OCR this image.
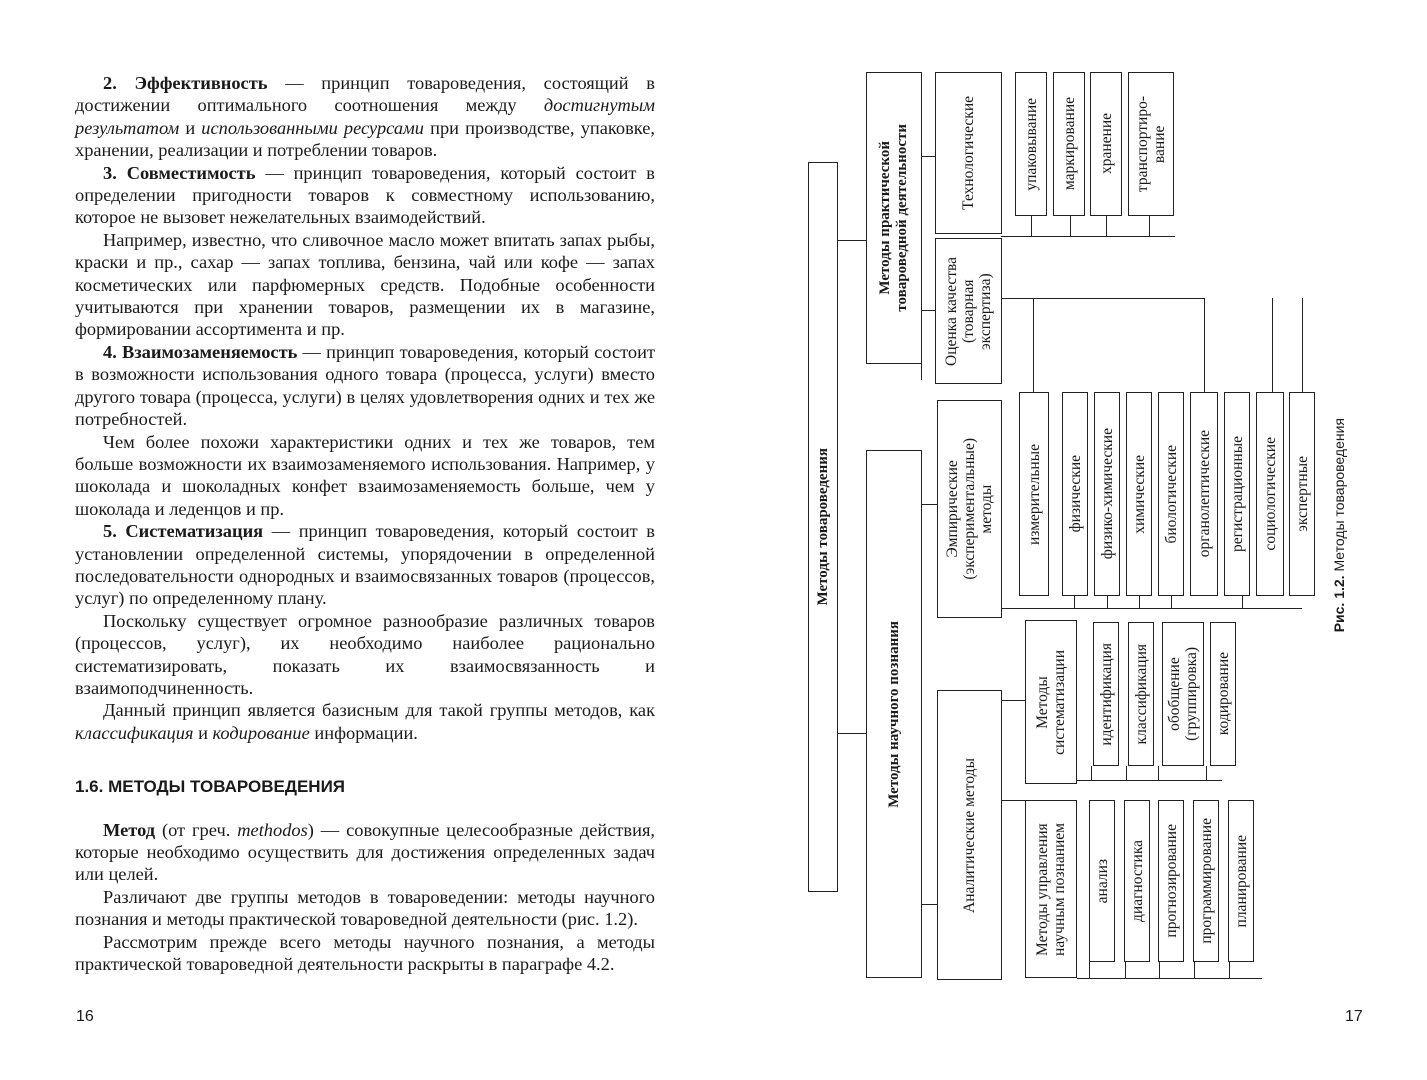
2. Эффективность — принцип товароведения, состоящий в достижении оптимального соотношения между достигнутым результатом и использованными ресурсами при производстве, упаковке, хранении, реализации и потреблении товаров.

3. Совместимость — принцип товароведения, который состоит в определении пригодности товаров к совместному использованию, которое не вызовет нежелательных взаимодействий.

Например, известно, что сливочное масло может впитать запах рыбы, краски и пр., сахар — запах топлива, бензина, чай или кофе — запах косметических или парфюмерных средств. Подобные особенности учитываются при хранении товаров, размещении их в магазине, формировании ассортимента и пр.

4. Взаимозаменяемость — принцип товароведения, который состоит в возможности использования одного товара (процесса, услуги) вместо другого товара (процесса, услуги) в целях удовлетворения одних и тех же потребностей.

Чем более похожи характеристики одних и тех же товаров, тем больше возможности их взаимозаменяемого использования. Например, у шоколада и шоколадных конфет взаимозаменяемость больше, чем у шоколада и леденцов и пр.

5. Систематизация — принцип товароведения, который состоит в установлении определенной системы, упорядочении в определенной последовательности однородных и взаимосвязанных товаров (процессов, услуг) по определенному плану.

Поскольку существует огромное разнообразие различных товаров (процессов, услуг), их необходимо наиболее рационально систематизировать, показать их взаимосвязанность и взаимоподчиненность.

Данный принцип является базисным для такой группы методов, как классификация и кодирование информации.

1.6. МЕТОДЫ ТОВАРОВЕДЕНИЯ

Метод (от греч. methodos) — совокупные целесообразные действия, которые необходимо осуществить для достижения определенных задач или целей.

Различают две группы методов в товароведении: методы научного познания и методы практической товароведной деятельности (рис. 1.2).

Рассмотрим прежде всего методы научного познания, а методы практической товароведной деятельности раскрыты в параграфе 4.2.

16
Методы товароведения
Методы практической
товароведной деятельности
Методы научного познания
Технологические
Оценка качества
(товарная
экспертиза)
упаковывание маркирование хранение транспортиро-
вание
Эмпирические
(экспериментальные)
методы измерительные физические физико-химические химические биологические органолептические регистрационные социологические экспертные
Аналитические методы
Методы
систематизации
Методы управления
научным познанием
идентификация классификация обобщение
(группировка) кодирование
анализ диагностика прогнозирование программирование планирование
Рис. 1.2. Методы товароведения
17
